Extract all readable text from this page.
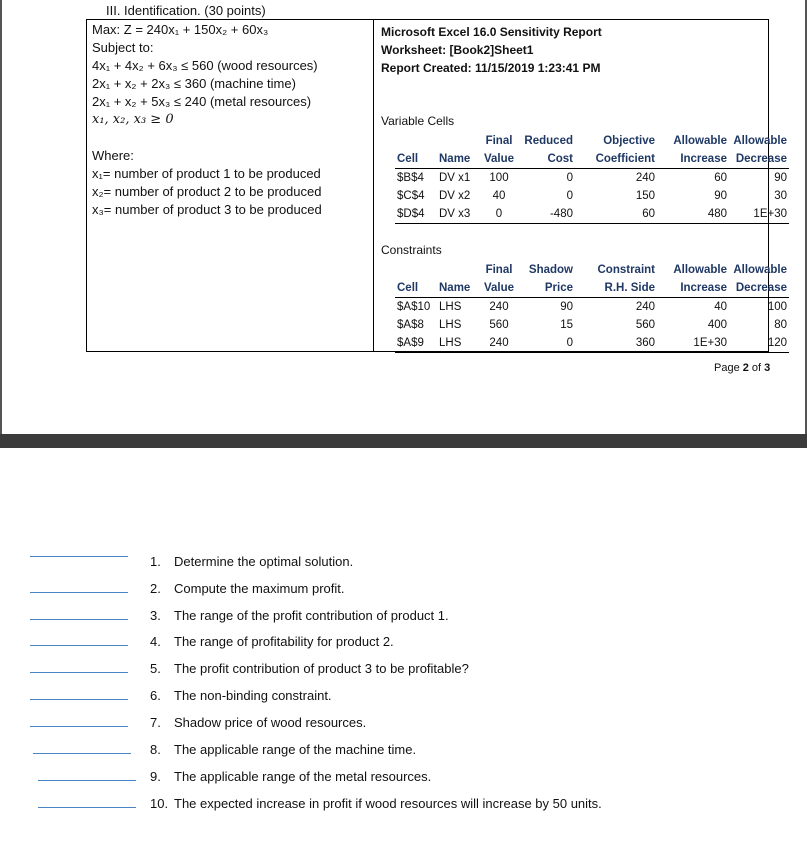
III. Identification. (30 points)
Max: Z = 240x₁ + 150x₂ + 60x₃
Subject to:
4x₁ + 4x₂ + 6x₃ ≤ 560 (wood resources)
2x₁ + x₂ + 2x₃ ≤ 360 (machine time)
2x₁ + x₂ + 5x₃ ≤ 240 (metal resources)
x₁, x₂, x₃ ≥ 0
Where:
x₁= number of product 1 to be produced
x₂= number of product 2 to be produced
x₃= number of product 3 to be produced
Microsoft Excel 16.0 Sensitivity Report
Worksheet: [Book2]Sheet1
Report Created: 11/15/2019 1:23:41 PM
Variable Cells
		Final	Reduced	Objective	Allowable	Allowable
Cell	Name	Value	Cost	Coefficient	Increase	Decrease
$B$4	DV x1	100	0	240	60	90
$C$4	DV x2	40	0	150	90	30
$D$4	DV x3	0	-480	60	480	1E+30
Constraints
		Final	Shadow	Constraint	Allowable	Allowable
Cell	Name	Value	Price	R.H. Side	Increase	Decrease
$A$10	LHS	240	90	240	40	100
$A$8	LHS	560	15	560	400	80
$A$9	LHS	240	0	360	1E+30	120
Page 2 of 3
1. Determine the optimal solution.
2. Compute the maximum profit.
3. The range of the profit contribution of product 1.
4. The range of profitability for product 2.
5. The profit contribution of product 3 to be profitable?
6. The non-binding constraint.
7. Shadow price of wood resources.
8. The applicable range of the machine time.
9. The applicable range of the metal resources.
10. The expected increase in profit if wood resources will increase by 50 units.
